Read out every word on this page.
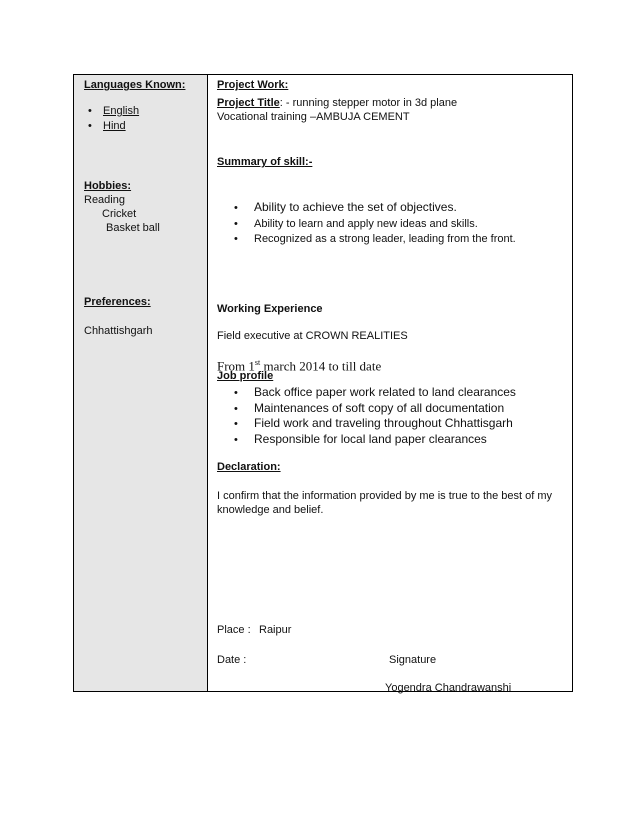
Languages Known:
• English
• Hind
Hobbies:
Reading
Cricket
Basket ball
Preferences:
Chhattishgarh
Project Work:
Project Title: - running stepper motor in 3d plane
Vocational training –AMBUJA CEMENT
Summary of skill:-
• Ability to achieve the set of objectives.
• Ability to learn and apply new ideas and skills.
• Recognized as a strong leader, leading from the front.
Working Experience
Field executive at CROWN REALITIES
From 1st march 2014 to till date
Job profile
• Back office paper work related to land clearances
• Maintenances of soft copy of all documentation
• Field work and traveling throughout Chhattisgarh
• Responsible for local land paper clearances
Declaration:
I confirm that the information provided by me is true to the best of my
knowledge and belief.
Place : Raipur
Date :	Signature
Yogendra Chandrawanshi
